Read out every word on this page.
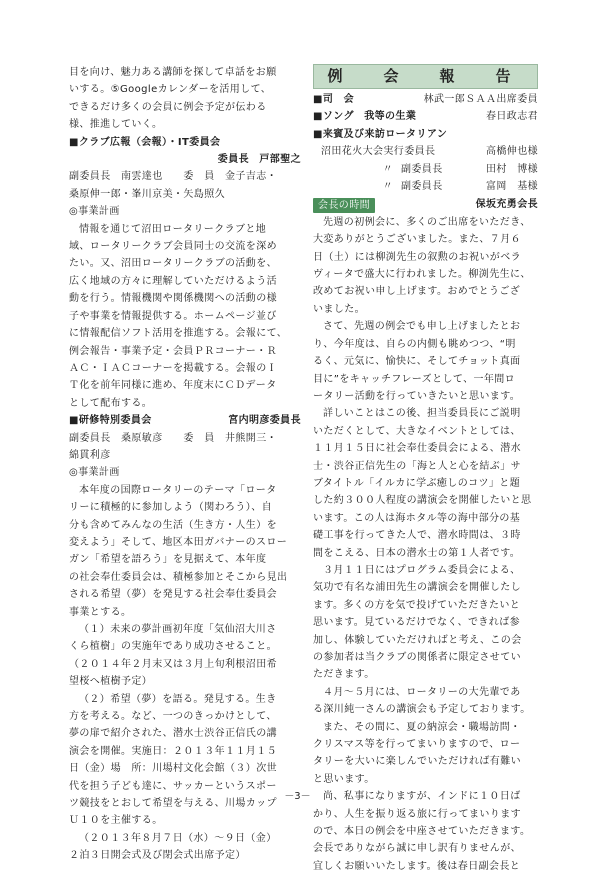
目を向け、魅力ある講師を探して卓話をお願

いする。⑤Googleカレンダーを活用して、

できるだけ多くの会員に例会予定が伝わる

様、推進していく。

■クラブ広報（会報）・IT委員会

委員長　戸部聖之

副委員長　南雲達也　　委　員　金子吉志・

桑原伸一郎・峯川京美・矢島照久

◎事業計画

情報を通じて沼田ロータリークラブと地

域、ロータリークラブ会員同士の交流を深め

たい。又、沼田ロータリークラブの活動を、

広く地域の方々に理解していただけるよう活

動を行う。情報機関や関係機関への活動の様

子や事業を情報提供する。ホームページ並び

に情報配信ソフト活用を推進する。会報にて、

例会報告・事業予定・会員ＰＲコーナー・Ｒ

ＡＣ・ＩＡＣコーナーを掲載する。会報のＩ

Ｔ化を前年同様に進め、年度末にＣＤデータ

として配布する。

■研修特別委員会	宮内明彦委員長

副委員長　桑原敏彦　　委　員　井熊開三・

綿貫利彦

◎事業計画

本年度の国際ロータリーのテーマ「ロータ

リーに積極的に参加しよう（関わろう）、自

分も含めてみんなの生活（生き方・人生）を

変えよう」そして、地区本田ガバナーのスロー

ガン「希望を語ろう」を見据えて、本年度

の社会奉仕委員会は、積極参加とそこから見出

される希望（夢）を発見する社会奉仕委員会

事業とする。

（１）未来の夢計画初年度「気仙沼大川さ

くら植樹」の実施年であり成功させること。

（２０１４年２月末又は３月上旬利根沼田希

望桜へ植樹予定）

（２）希望（夢）を語る。発見する。生き

方を考える。など、一つのきっかけとして、

夢の扉で紹介された、潜水士渋谷正信氏の講

演会を開催。実施日：２０１３年１１月１５

日（金）場　所：川場村文化会館（３）次世

代を担う子ども達に、サッカーというスポー

ツ競技をとおして希望を与える、川場カップ

Ｕ１０を主催する。

（２０１３年８月７日（水）～９日（金）

２泊３日開会式及び閉会式出席予定）

例　会　報　告
■司　会	林武一郎ＳＡＡ出席委員
■ソング　我等の生業	春日政志君
■来賓及び来訪ロータリアン
沼田花火大会実行委員長	高橋伸也様
〃 副委員長	田村　博様
〃 副委員長	富岡　基様
会長の時間	保坂充勇会長

先週の初例会に、多くのご出席をいただき、

大変ありがとうございました。また、７月６

日（土）には柳渕先生の叙勲のお祝いがベラ

ヴィータで盛大に行われました。柳渕先生に、

改めてお祝い申し上げます。おめでとうござ

いました。

さて、先週の例会でも申し上げましたとお

り、今年度は、自らの内側も眺めつつ、“明

るく、元気に、愉快に、そしてチョット真面

目に”をキャッチフレーズとして、一年間ロ

ータリー活動を行っていきたいと思います。

詳しいことはこの後、担当委員長にご説明

いただくとして、大きなイベントとしては、

１１月１５日に社会奉仕委員会による、潜水

士・渋谷正信先生の「海と人と心を結ぶ」サ

ブタイトル「イルカに学ぶ癒しのコツ」と題

した約３００人程度の講演会を開催したいと思

います。この人は海ホタル等の海中部分の基

礎工事を行ってきた人で、潜水時間は、３時

間をこえる、日本の潜水士の第１人者です。

３月１１日にはプログラム委員会による、

気功で有名な浦田先生の講演会を開催したし

ます。多くの方を気で投げていただきたいと

思います。見ているだけでなく、できれば参

加し、体験していただければと考え、この会

の参加者は当クラブの関係者に限定させてい

ただきます。

４月～５月には、ロータリーの大先輩であ

る深川純一さんの講演会も予定しております。

また、その間に、夏の納涼会・職場訪問・

クリスマス等を行ってまいりますので、ロー

タリーを大いに楽しんでいただければ有難い

と思います。

尚、私事になりますが、インドに１０日ば

かり、人生を振り返る旅に行ってまいります

ので、本日の例会を中座させていただきます。

会長でありながら誠に申し訳有りませんが、

宜しくお願いいたします。後は春日副会長と

－3－
